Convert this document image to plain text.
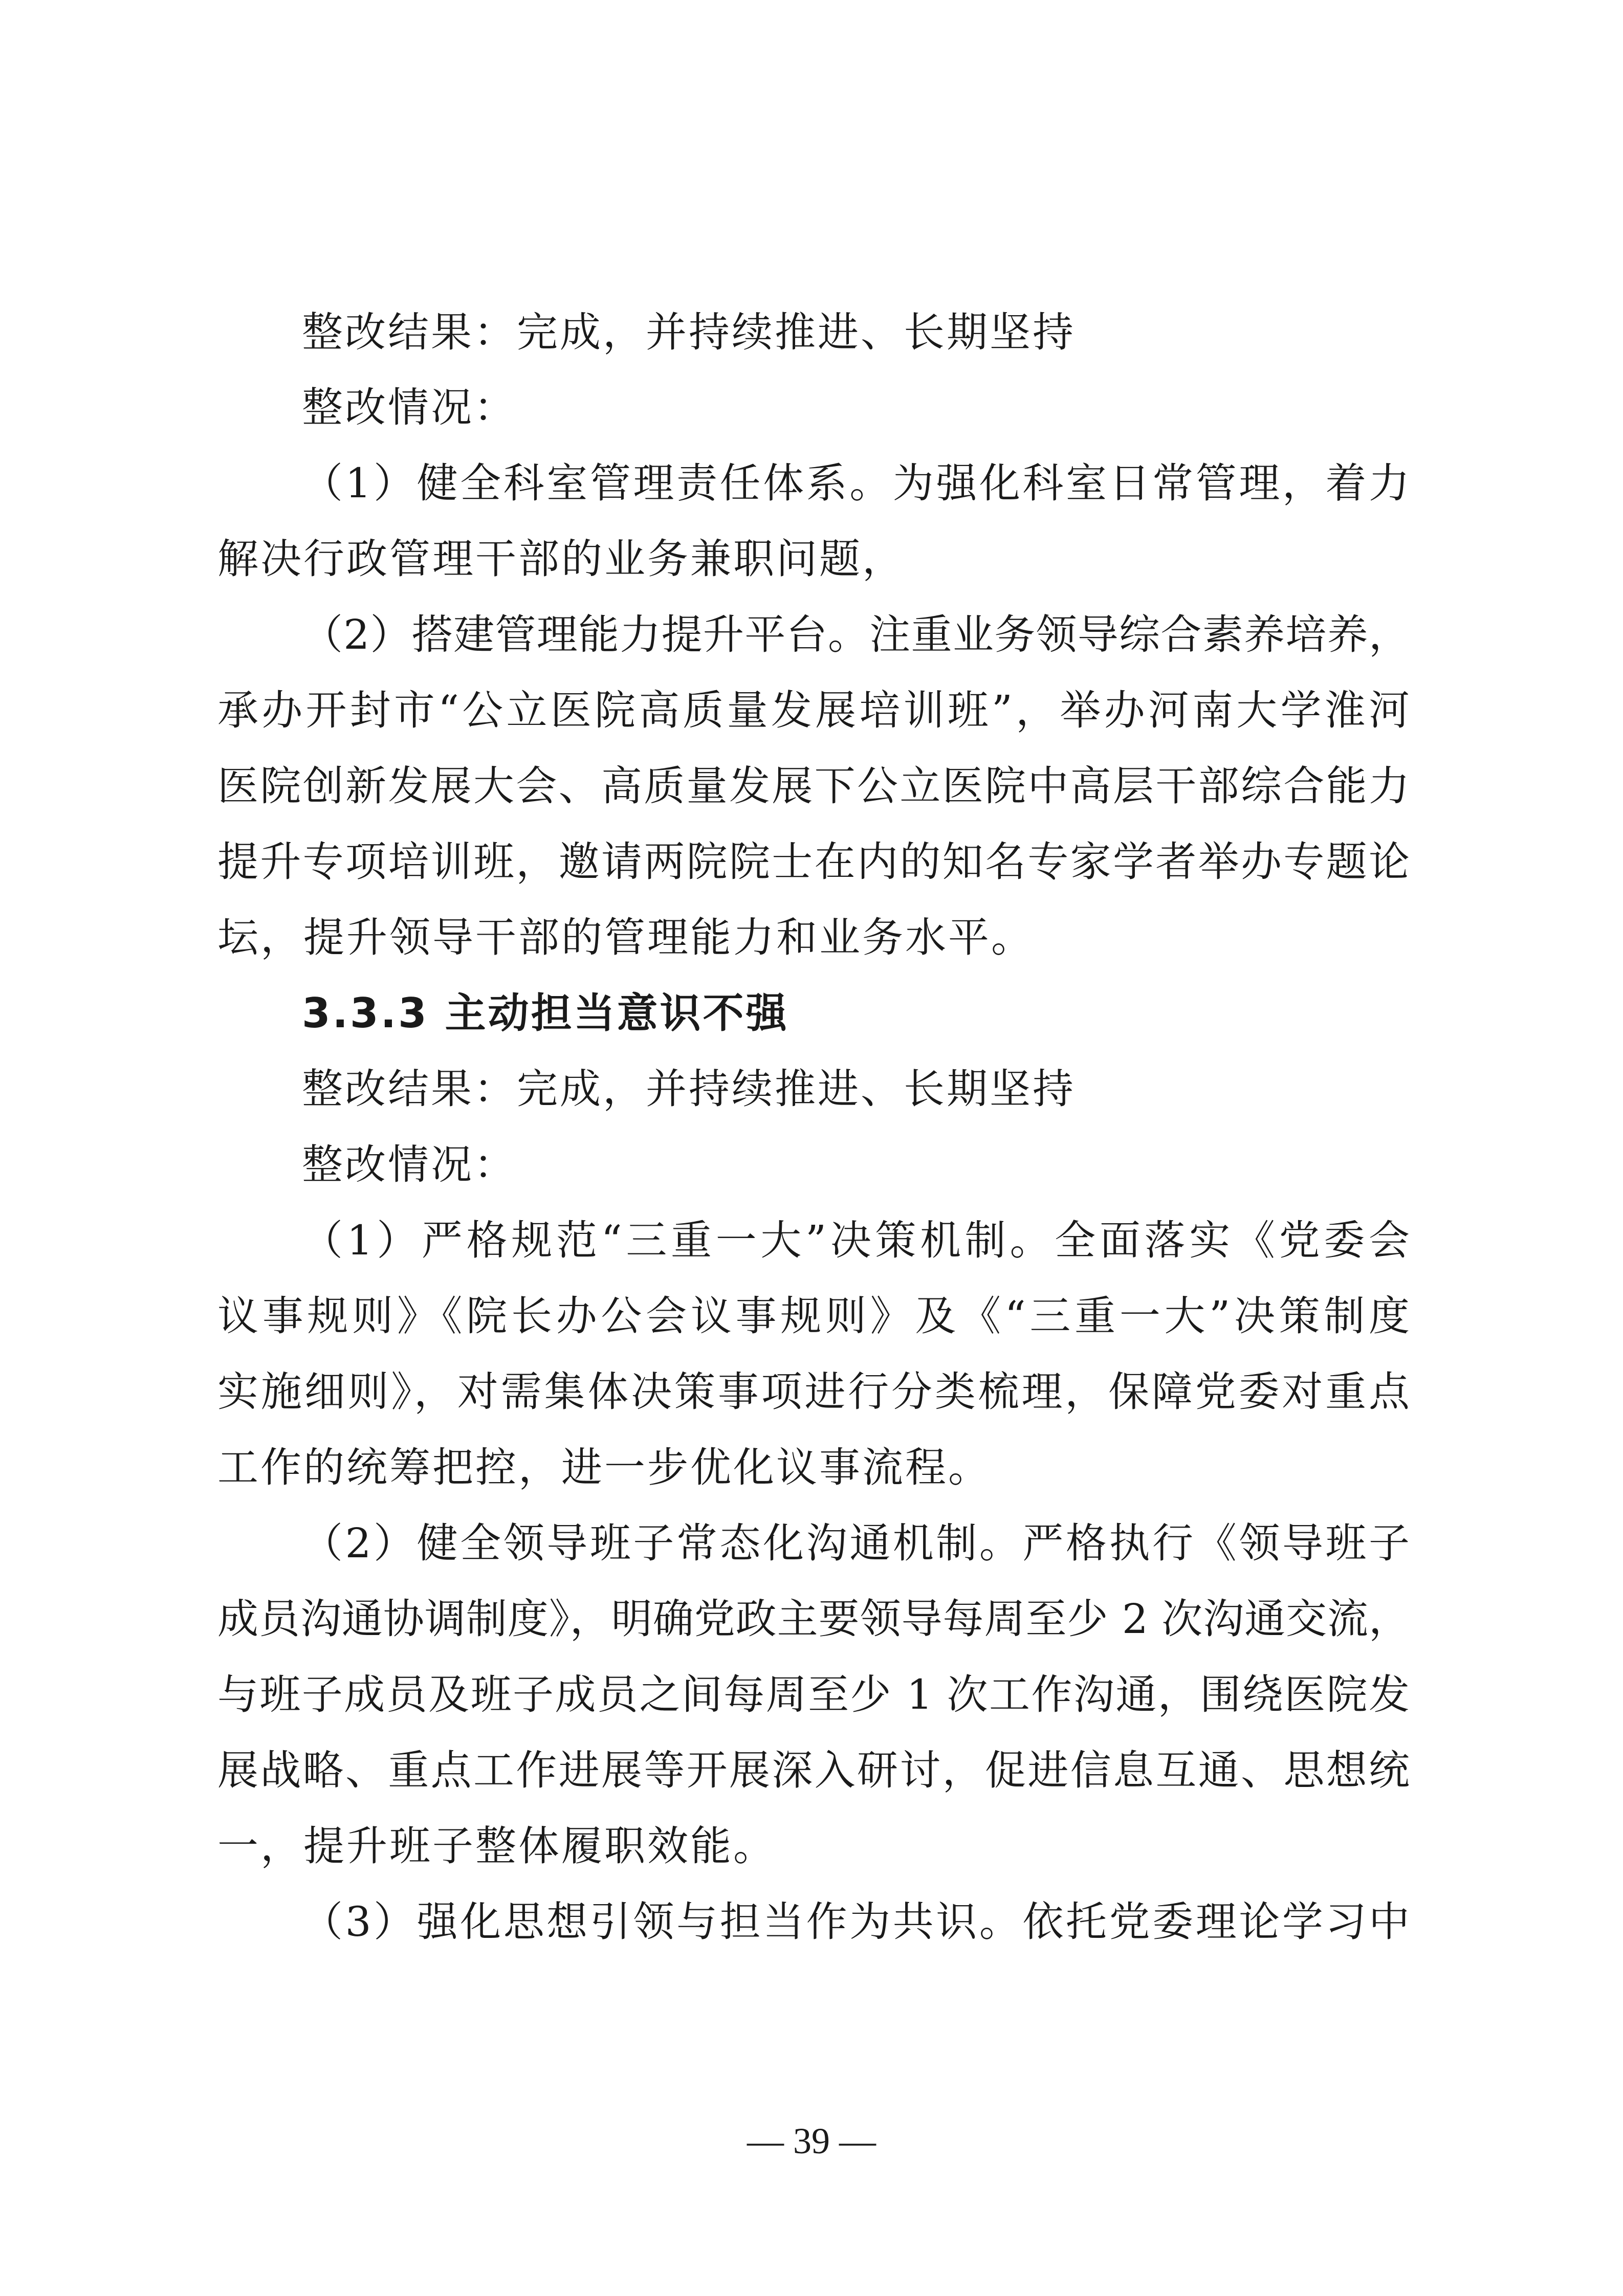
整改结果：完成，并持续推进、长期坚持
整改情况：
（1）健全科室管理责任体系。为强化科室日常管理，着力
解决行政管理干部的业务兼职问题，
（2）搭建管理能力提升平台。注重业务领导综合素养培养，
承办开封市“公立医院高质量发展培训班”，举办河南大学淮河
医院创新发展大会、高质量发展下公立医院中高层干部综合能力
提升专项培训班，邀请两院院士在内的知名专家学者举办专题论
坛，提升领导干部的管理能力和业务水平。
3.3.3 主动担当意识不强
整改结果：完成，并持续推进、长期坚持
整改情况：
（1）严格规范“三重一大”决策机制。全面落实《党委会
议事规则》《院长办公会议事规则》及《“三重一大”决策制度
实施细则》，对需集体决策事项进行分类梳理，保障党委对重点
工作的统筹把控，进一步优化议事流程。
（2）健全领导班子常态化沟通机制。严格执行《领导班子
成员沟通协调制度》，明确党政主要领导每周至少 2 次沟通交流，
与班子成员及班子成员之间每周至少 1 次工作沟通，围绕医院发
展战略、重点工作进展等开展深入研讨，促进信息互通、思想统
一，提升班子整体履职效能。
（3）强化思想引领与担当作为共识。依托党委理论学习中
— 39 —
